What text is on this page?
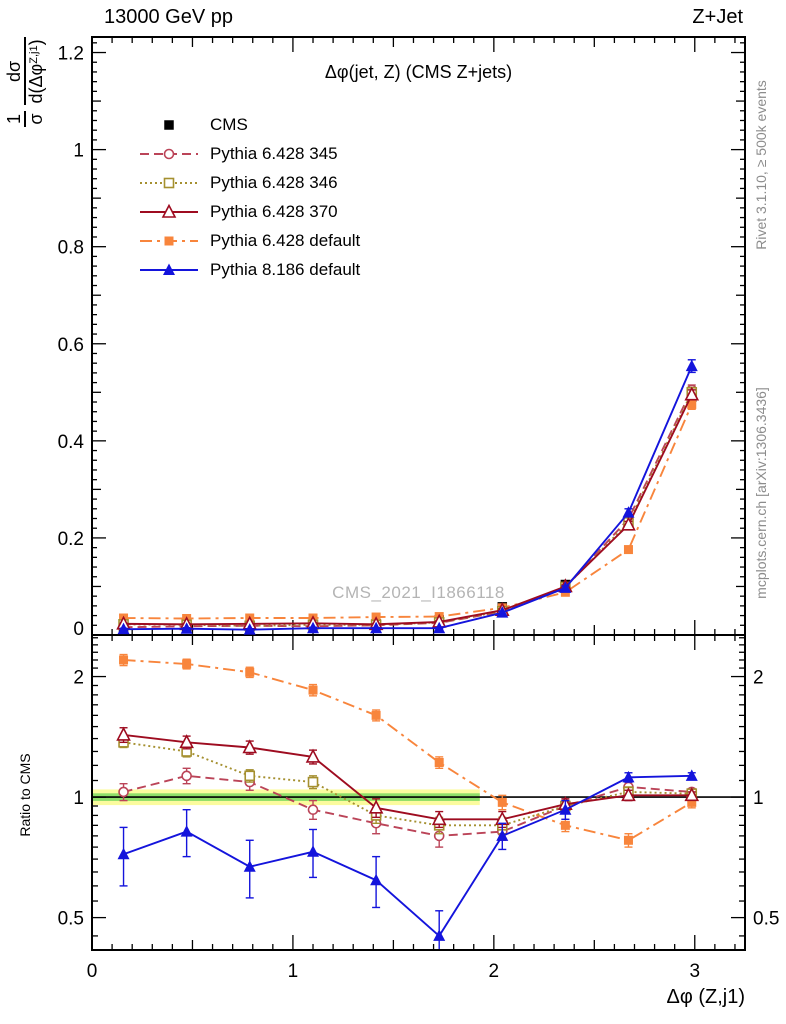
13000 GeV pp	Z+Jet
1 σ
dσ $d(\Delta\varphi^{Z,j1})$
Δφ(jet, Z) (CMS Z+jets)
CMS_2021_I1866118
Rivet 3.1.10, ≥ 500k events
mcplots.cern.ch [arXiv:1306.3436]
Ratio to CMS
Δφ (Z,j1)
CMS
Pythia 6.428 345
Pythia 6.428 346
Pythia 6.428 370
Pythia 6.428 default
Pythia 8.186 default
0
0.2
0.4
0.6
0.8
1
1.2
0.5	0.5
1	1
2	2
0	1	2	3
